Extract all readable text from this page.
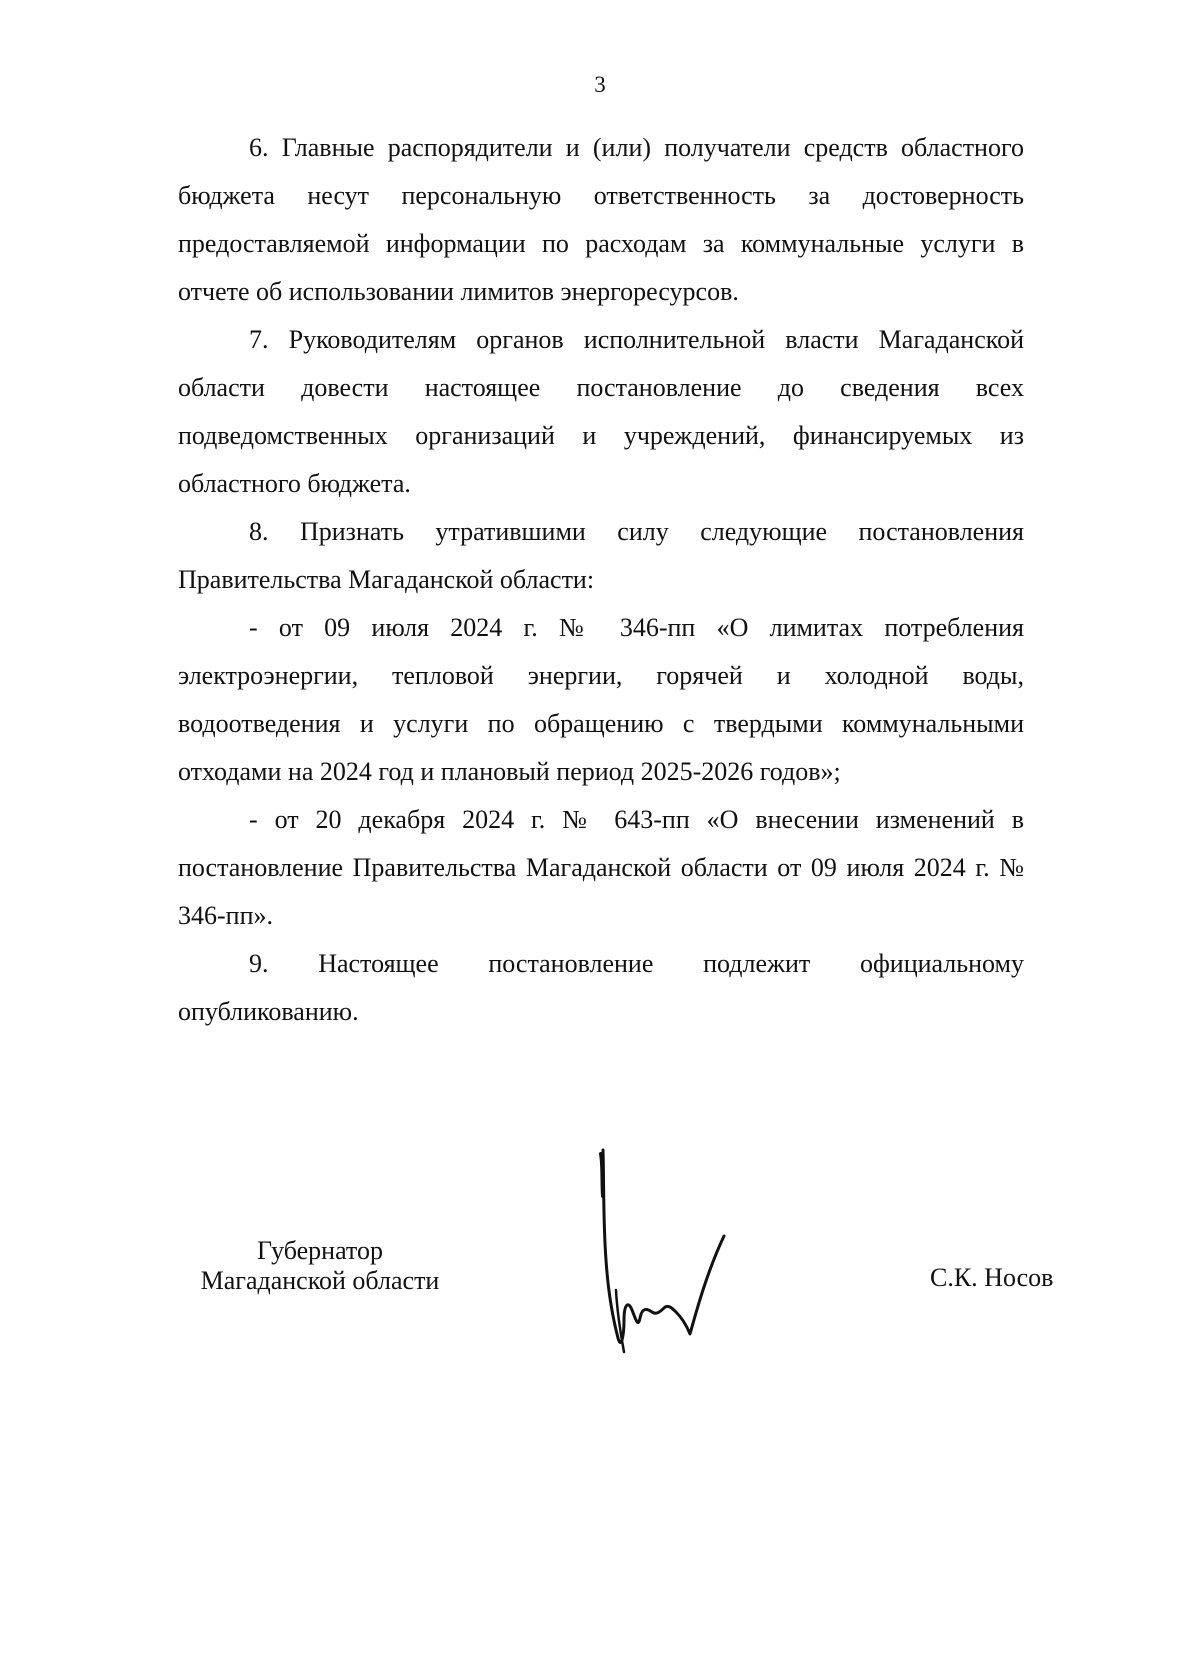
3

6. Главные распорядители и (или) получатели средств областного бюджета несут персональную ответственность за достоверность предоставляемой информации по расходам за коммунальные услуги в отчете об использовании лимитов энергоресурсов.

7. Руководителям органов исполнительной власти Магаданской области довести настоящее постановление до сведения всех подведомственных организаций и учреждений, финансируемых из областного бюджета.

8. Признать утратившими силу следующие постановления Правительства Магаданской области:

- от 09 июля 2024 г. № 346-пп «О лимитах потребления электроэнергии, тепловой энергии, горячей и холодной воды, водоотведения и услуги по обращению с твердыми коммунальными отходами на 2024 год и плановый период 2025-2026 годов»;

- от 20 декабря 2024 г. № 643-пп «О внесении изменений в постановление Правительства Магаданской области от 09 июля 2024 г. № 346-пп».

9. Настоящее постановление подлежит официальному опубликованию.

Губернатор
Магаданской области	С.К. Носов
